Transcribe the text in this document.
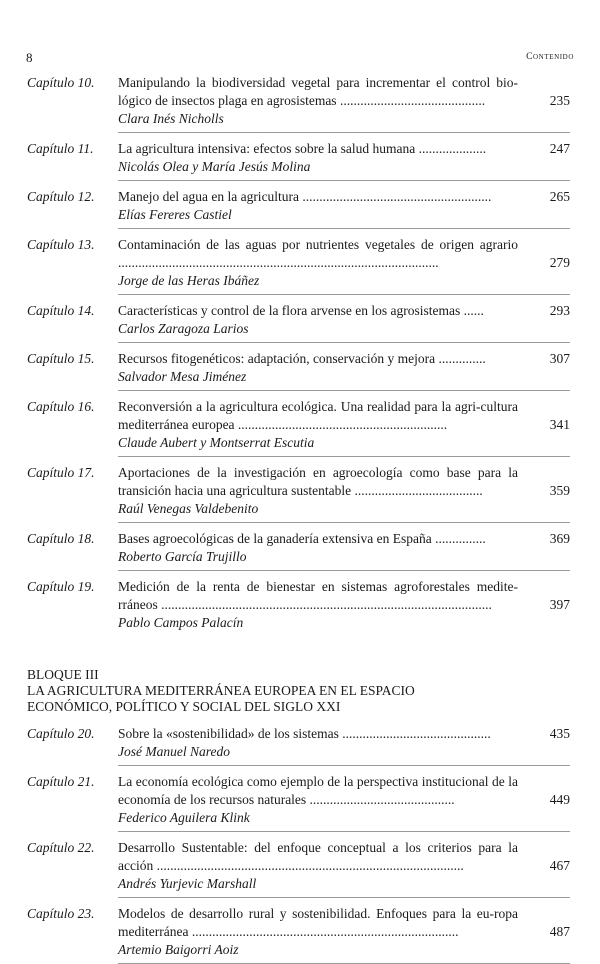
8	Contenido
Capítulo 10. Manipulando la biodiversidad vegetal para incrementar el control bio-lógico de insectos plaga en agrosistemas ...........................................	235
Clara Inés Nicholls
Capítulo 11. La agricultura intensiva: efectos sobre la salud humana ....................	247
Nicolás Olea y María Jesús Molina
Capítulo 12. Manejo del agua en la agricultura ........................................................	265
Elías Fereres Castiel
Capítulo 13. Contaminación de las aguas por nutrientes vegetales de origen agrario ...............................................................................................	279
Jorge de las Heras Ibáñez
Capítulo 14. Características y control de la flora arvense en los agrosistemas ......	293
Carlos Zaragoza Larios
Capítulo 15. Recursos fitogenéticos: adaptación, conservación y mejora ..............	307
Salvador Mesa Jiménez
Capítulo 16. Reconversión a la agricultura ecológica. Una realidad para la agri-cultura mediterránea europea ..............................................................	341
Claude Aubert y Montserrat Escutia
Capítulo 17. Aportaciones de la investigación en agroecología como base para la transición hacia una agricultura sustentable ......................................	359
Raúl Venegas Valdebenito
Capítulo 18. Bases agroecológicas de la ganadería extensiva en España ...............	369
Roberto García Trujillo
Capítulo 19. Medición de la renta de bienestar en sistemas agroforestales medite-rráneos ..................................................................................................	397
Pablo Campos Palacín
BLOQUE III
LA AGRICULTURA MEDITERRÁNEA EUROPEA EN EL ESPACIO
ECONÓMICO, POLÍTICO Y SOCIAL DEL SIGLO XXI
Capítulo 20. Sobre la «sostenibilidad» de los sistemas ............................................	435
José Manuel Naredo
Capítulo 21. La economía ecológica como ejemplo de la perspectiva institucional de la economía de los recursos naturales ...........................................	449
Federico Aguilera Klink
Capítulo 22. Desarrollo Sustentable: del enfoque conceptual a los criterios para la acción ...........................................................................................	467
Andrés Yurjevic Marshall
Capítulo 23. Modelos de desarrollo rural y sostenibilidad. Enfoques para la eu-ropa mediterránea ...............................................................................	487
Artemio Baigorri Aoiz
